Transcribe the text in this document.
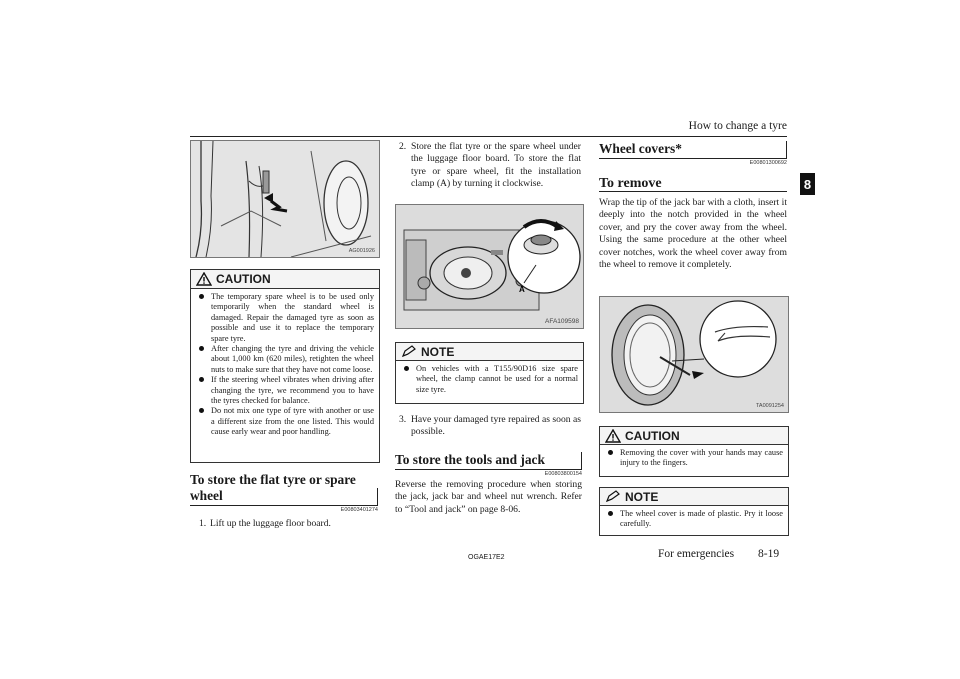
How to change a tyre
8
AG001926
CAUTION

The temporary spare wheel is to be used only temporarily when the standard wheel is damaged. Repair the damaged tyre as soon as possible and use it to replace the temporary spare tyre.

After changing the tyre and driving the vehicle about 1,000 km (620 miles), retighten the wheel nuts to make sure that they have not come loose.

If the steering wheel vibrates when driving after changing the tyre, we recommend you to have the tyres checked for balance.

Do not mix one type of tyre with another or use a different size from the one listed. This would cause early wear and poor handling.

To store the flat tyre or spare wheel
E00803401274
1. Lift up the luggage floor board.
2. Store the flat tyre or the spare wheel under the luggage floor board. To store the flat tyre or spare wheel, fit the installation clamp (A) by turning it clockwise.
A
AFA109598
NOTE

On vehicles with a T155/90D16 size spare wheel, the clamp cannot be used for a normal size tyre.

3. Have your damaged tyre repaired as soon as possible.
To store the tools and jack
E00803800154
Reverse the removing procedure when storing the jack, jack bar and wheel nut wrench. Refer to “Tool and jack” on page 8-06.
Wheel covers*
E00801300692
To remove
Wrap the tip of the jack bar with a cloth, insert it deeply into the notch provided in the wheel cover, and pry the cover away from the wheel. Using the same procedure at the other wheel cover notches, work the wheel cover away from the wheel to remove it completely.
TA0091254
CAUTION

Removing the cover with your hands may cause injury to the fingers.

NOTE

The wheel cover is made of plastic. Pry it loose carefully.

OGAE17E2	For emergencies 8-19
